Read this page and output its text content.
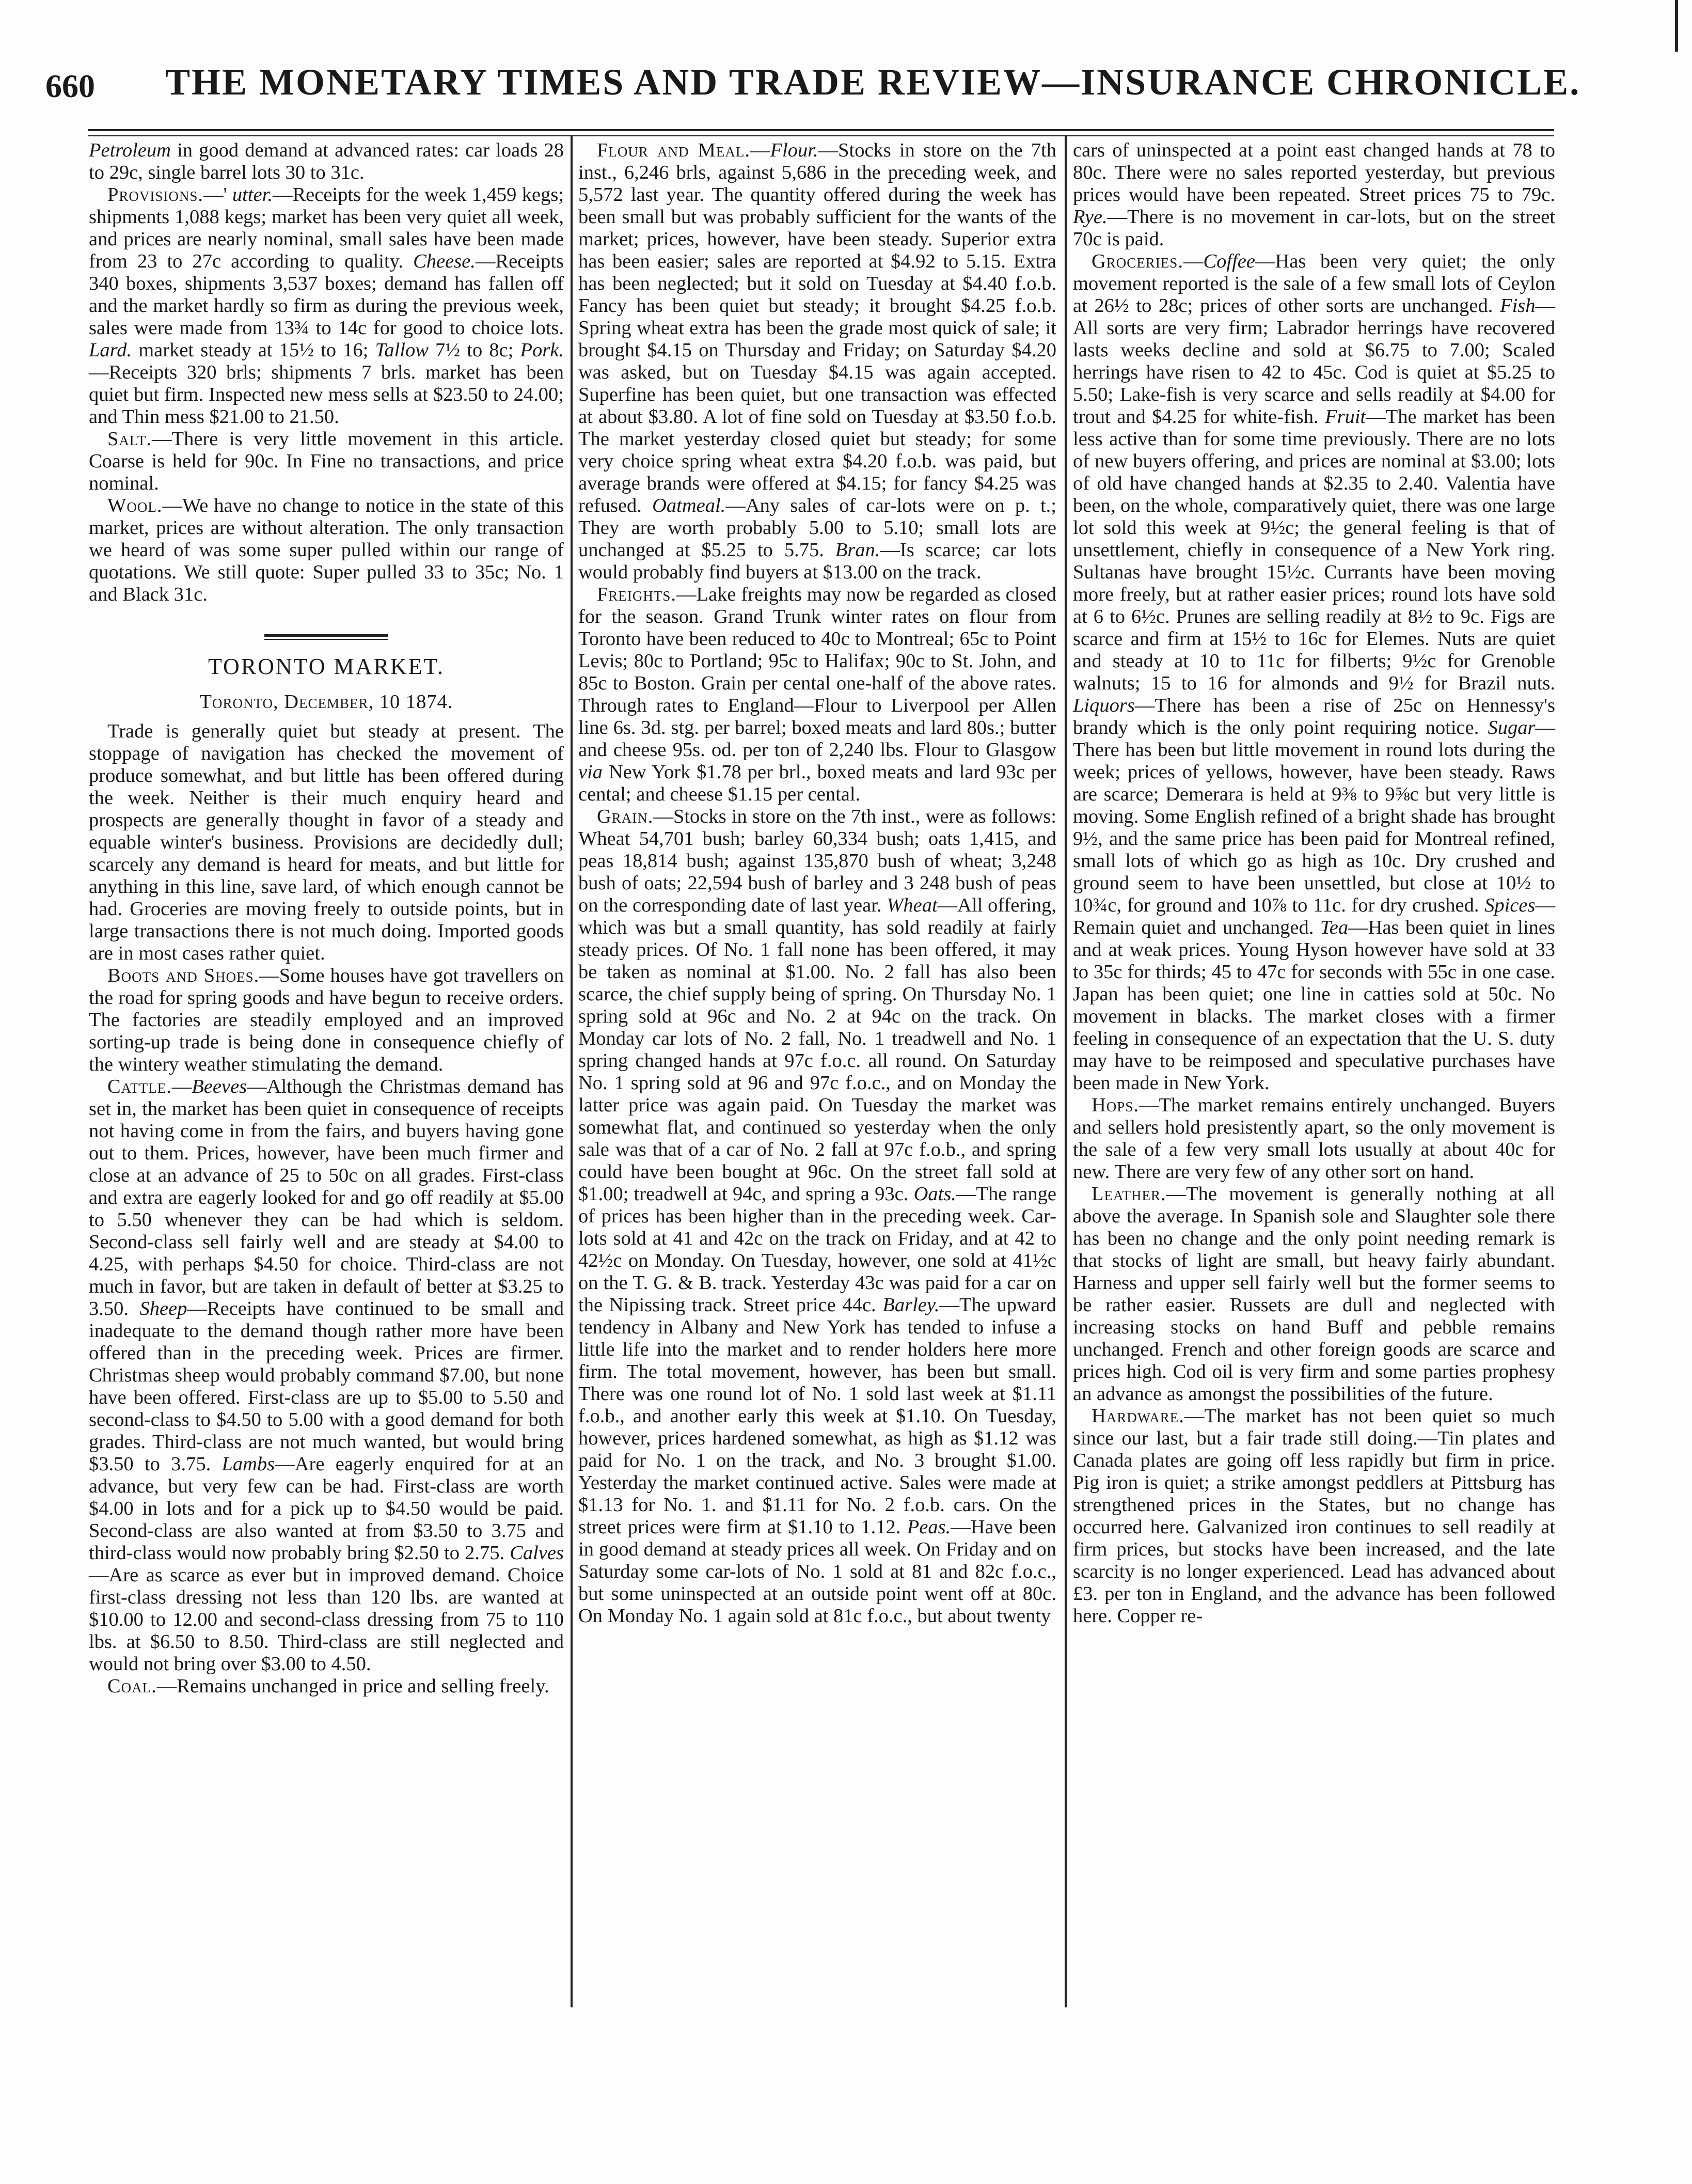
660 THE MONETARY TIMES AND TRADE REVIEW—INSURANCE CHRONICLE.

Petroleum in good demand at advanced rates: car loads 28 to 29c, single barrel lots 30 to 31c.

Provisions.—' utter.—Receipts for the week 1,459 kegs; shipments 1,088 kegs; market has been very quiet all week, and prices are nearly nominal, small sales have been made from 23 to 27c according to quality. Cheese.—Receipts 340 boxes, shipments 3,537 boxes; demand has fallen off and the market hardly so firm as during the previous week, sales were made from 13¾ to 14c for good to choice lots. Lard. market steady at 15½ to 16; Tallow 7½ to 8c; Pork.—Receipts 320 brls; shipments 7 brls. market has been quiet but firm. Inspected new mess sells at $23.50 to 24.00; and Thin mess $21.00 to 21.50.

Salt.—There is very little movement in this article. Coarse is held for 90c. In Fine no transactions, and price nominal.

Wool.—We have no change to notice in the state of this market, prices are without alteration. The only transaction we heard of was some super pulled within our range of quotations. We still quote: Super pulled 33 to 35c; No. 1 and Black 31c.

TORONTO MARKET.
Toronto, December, 10 1874.

Trade is generally quiet but steady at present. The stoppage of navigation has checked the movement of produce somewhat, and but little has been offered during the week. Neither is their much enquiry heard and prospects are generally thought in favor of a steady and equable winter's business. Provisions are decidedly dull; scarcely any demand is heard for meats, and but little for anything in this line, save lard, of which enough cannot be had. Groceries are moving freely to outside points, but in large transactions there is not much doing. Imported goods are in most cases rather quiet.

Boots and Shoes.—Some houses have got travellers on the road for spring goods and have begun to receive orders. The factories are steadily employed and an improved sorting-up trade is being done in consequence chiefly of the wintery weather stimulating the demand.

Cattle.—Beeves—Although the Christmas demand has set in, the market has been quiet in consequence of receipts not having come in from the fairs, and buyers having gone out to them. Prices, however, have been much firmer and close at an advance of 25 to 50c on all grades. First-class and extra are eagerly looked for and go off readily at $5.00 to 5.50 whenever they can be had which is seldom. Second-class sell fairly well and are steady at $4.00 to 4.25, with perhaps $4.50 for choice. Third-class are not much in favor, but are taken in default of better at $3.25 to 3.50. Sheep—Receipts have continued to be small and inadequate to the demand though rather more have been offered than in the preceding week. Prices are firmer. Christmas sheep would probably command $7.00, but none have been offered. First-class are up to $5.00 to 5.50 and second-class to $4.50 to 5.00 with a good demand for both grades. Third-class are not much wanted, but would bring $3.50 to 3.75. Lambs—Are eagerly enquired for at an advance, but very few can be had. First-class are worth $4.00 in lots and for a pick up to $4.50 would be paid. Second-class are also wanted at from $3.50 to 3.75 and third-class would now probably bring $2.50 to 2.75. Calves—Are as scarce as ever but in improved demand. Choice first-class dressing not less than 120 lbs. are wanted at $10.00 to 12.00 and second-class dressing from 75 to 110 lbs. at $6.50 to 8.50. Third-class are still neglected and would not bring over $3.00 to 4.50.

Coal.—Remains unchanged in price and selling freely.

Flour and Meal.—Flour.—Stocks in store on the 7th inst., 6,246 brls, against 5,686 in the preceding week, and 5,572 last year. The quantity offered during the week has been small but was probably sufficient for the wants of the market; prices, however, have been steady. Superior extra has been easier; sales are reported at $4.92 to 5.15. Extra has been neglected; but it sold on Tuesday at $4.40 f.o.b. Fancy has been quiet but steady; it brought $4.25 f.o.b. Spring wheat extra has been the grade most quick of sale; it brought $4.15 on Thursday and Friday; on Saturday $4.20 was asked, but on Tuesday $4.15 was again accepted. Superfine has been quiet, but one transaction was effected at about $3.80. A lot of fine sold on Tuesday at $3.50 f.o.b. The market yesterday closed quiet but steady; for some very choice spring wheat extra $4.20 f.o.b. was paid, but average brands were offered at $4.15; for fancy $4.25 was refused. Oatmeal.—Any sales of car-lots were on p. t.; They are worth probably 5.00 to 5.10; small lots are unchanged at $5.25 to 5.75. Bran.—Is scarce; car lots would probably find buyers at $13.00 on the track.

Freights.—Lake freights may now be regarded as closed for the season. Grand Trunk winter rates on flour from Toronto have been reduced to 40c to Montreal; 65c to Point Levis; 80c to Portland; 95c to Halifax; 90c to St. John, and 85c to Boston. Grain per cental one-half of the above rates. Through rates to England—Flour to Liverpool per Allen line 6s. 3d. stg. per barrel; boxed meats and lard 80s.; butter and cheese 95s. od. per ton of 2,240 lbs. Flour to Glasgow via New York $1.78 per brl., boxed meats and lard 93c per cental; and cheese $1.15 per cental.

Grain.—Stocks in store on the 7th inst., were as follows: Wheat 54,701 bush; barley 60,334 bush; oats 1,415, and peas 18,814 bush; against 135,870 bush of wheat; 3,248 bush of oats; 22,594 bush of barley and 3 248 bush of peas on the corresponding date of last year. Wheat—All offering, which was but a small quantity, has sold readily at fairly steady prices. Of No. 1 fall none has been offered, it may be taken as nominal at $1.00. No. 2 fall has also been scarce, the chief supply being of spring. On Thursday No. 1 spring sold at 96c and No. 2 at 94c on the track. On Monday car lots of No. 2 fall, No. 1 treadwell and No. 1 spring changed hands at 97c f.o.c. all round. On Saturday No. 1 spring sold at 96 and 97c f.o.c., and on Monday the latter price was again paid. On Tuesday the market was somewhat flat, and continued so yesterday when the only sale was that of a car of No. 2 fall at 97c f.o.b., and spring could have been bought at 96c. On the street fall sold at $1.00; treadwell at 94c, and spring a 93c. Oats.—The range of prices has been higher than in the preceding week. Car-lots sold at 41 and 42c on the track on Friday, and at 42 to 42½c on Monday. On Tuesday, however, one sold at 41½c on the T. G. & B. track. Yesterday 43c was paid for a car on the Nipissing track. Street price 44c. Barley.—The upward tendency in Albany and New York has tended to infuse a little life into the market and to render holders here more firm. The total movement, however, has been but small. There was one round lot of No. 1 sold last week at $1.11 f.o.b., and another early this week at $1.10. On Tuesday, however, prices hardened somewhat, as high as $1.12 was paid for No. 1 on the track, and No. 3 brought $1.00. Yesterday the market continued active. Sales were made at $1.13 for No. 1. and $1.11 for No. 2 f.o.b. cars. On the street prices were firm at $1.10 to 1.12. Peas.—Have been in good demand at steady prices all week. On Friday and on Saturday some car-lots of No. 1 sold at 81 and 82c f.o.c., but some uninspected at an outside point went off at 80c. On Monday No. 1 again sold at 81c f.o.c., but about twenty

cars of uninspected at a point east changed hands at 78 to 80c. There were no sales reported yesterday, but previous prices would have been repeated. Street prices 75 to 79c. Rye.—There is no movement in car-lots, but on the street 70c is paid.

Groceries.—Coffee—Has been very quiet; the only movement reported is the sale of a few small lots of Ceylon at 26½ to 28c; prices of other sorts are unchanged. Fish—All sorts are very firm; Labrador herrings have recovered lasts weeks decline and sold at $6.75 to 7.00; Scaled herrings have risen to 42 to 45c. Cod is quiet at $5.25 to 5.50; Lake-fish is very scarce and sells readily at $4.00 for trout and $4.25 for white-fish. Fruit—The market has been less active than for some time previously. There are no lots of new buyers offering, and prices are nominal at $3.00; lots of old have changed hands at $2.35 to 2.40. Valentia have been, on the whole, comparatively quiet, there was one large lot sold this week at 9½c; the general feeling is that of unsettlement, chiefly in consequence of a New York ring. Sultanas have brought 15½c. Currants have been moving more freely, but at rather easier prices; round lots have sold at 6 to 6½c. Prunes are selling readily at 8½ to 9c. Figs are scarce and firm at 15½ to 16c for Elemes. Nuts are quiet and steady at 10 to 11c for filberts; 9½c for Grenoble walnuts; 15 to 16 for almonds and 9½ for Brazil nuts. Liquors—There has been a rise of 25c on Hennessy's brandy which is the only point requiring notice. Sugar—There has been but little movement in round lots during the week; prices of yellows, however, have been steady. Raws are scarce; Demerara is held at 9⅜ to 9⅝c but very little is moving. Some English refined of a bright shade has brought 9½, and the same price has been paid for Montreal refined, small lots of which go as high as 10c. Dry crushed and ground seem to have been unsettled, but close at 10½ to 10¾c, for ground and 10⅞ to 11c. for dry crushed. Spices—Remain quiet and unchanged. Tea—Has been quiet in lines and at weak prices. Young Hyson however have sold at 33 to 35c for thirds; 45 to 47c for seconds with 55c in one case. Japan has been quiet; one line in catties sold at 50c. No movement in blacks. The market closes with a firmer feeling in consequence of an expectation that the U. S. duty may have to be reimposed and speculative purchases have been made in New York.

Hops.—The market remains entirely unchanged. Buyers and sellers hold presistently apart, so the only movement is the sale of a few very small lots usually at about 40c for new. There are very few of any other sort on hand.

Leather.—The movement is generally nothing at all above the average. In Spanish sole and Slaughter sole there has been no change and the only point needing remark is that stocks of light are small, but heavy fairly abundant. Harness and upper sell fairly well but the former seems to be rather easier. Russets are dull and neglected with increasing stocks on hand Buff and pebble remains unchanged. French and other foreign goods are scarce and prices high. Cod oil is very firm and some parties prophesy an advance as amongst the possibilities of the future.

Hardware.—The market has not been quiet so much since our last, but a fair trade still doing.—Tin plates and Canada plates are going off less rapidly but firm in price. Pig iron is quiet; a strike amongst peddlers at Pittsburg has strengthened prices in the States, but no change has occurred here. Galvanized iron continues to sell readily at firm prices, but stocks have been increased, and the late scarcity is no longer experienced. Lead has advanced about £3. per ton in England, and the advance has been followed here. Copper re-
